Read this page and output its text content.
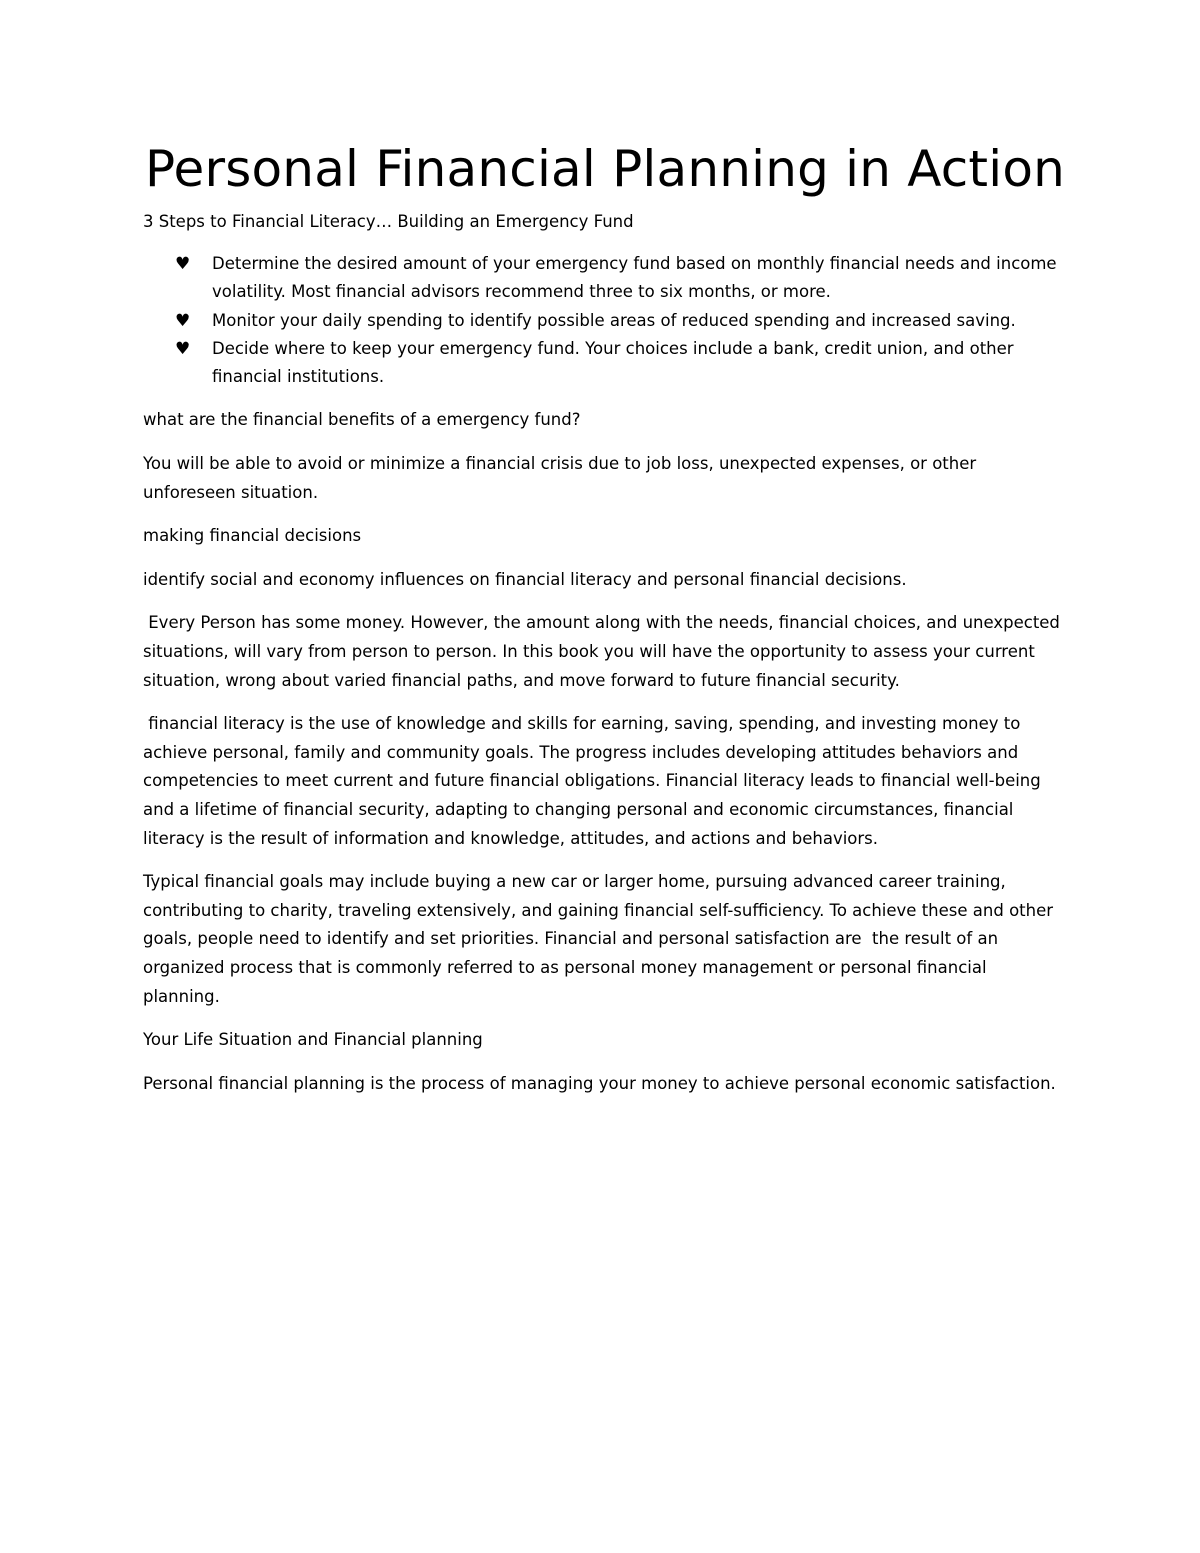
Personal Financial Planning in Action

3 Steps to Financial Literacy… Building an Emergency Fund

♥ Determine the desired amount of your emergency fund based on monthly financial needs and income volatility. Most financial advisors recommend three to six months, or more.
♥ Monitor your daily spending to identify possible areas of reduced spending and increased saving.
♥ Decide where to keep your emergency fund. Your choices include a bank, credit union, and other financial institutions.

what are the financial benefits of a emergency fund?

You will be able to avoid or minimize a financial crisis due to job loss, unexpected expenses, or other unforeseen situation.

making financial decisions

identify social and economy influences on financial literacy and personal financial decisions.

Every Person has some money. However, the amount along with the needs, financial choices, and unexpected situations, will vary from person to person. In this book you will have the opportunity to assess your current situation, wrong about varied financial paths, and move forward to future financial security.

financial literacy is the use of knowledge and skills for earning, saving, spending, and investing money to achieve personal, family and community goals. The progress includes developing attitudes behaviors and competencies to meet current and future financial obligations. Financial literacy leads to financial well-being and a lifetime of financial security, adapting to changing personal and economic circumstances, financial literacy is the result of information and knowledge, attitudes, and actions and behaviors.

Typical financial goals may include buying a new car or larger home, pursuing advanced career training, contributing to charity, traveling extensively, and gaining financial self-sufficiency. To achieve these and other goals, people need to identify and set priorities. Financial and personal satisfaction are  the result of an organized process that is commonly referred to as personal money management or personal financial planning.

Your Life Situation and Financial planning

Personal financial planning is the process of managing your money to achieve personal economic satisfaction.
